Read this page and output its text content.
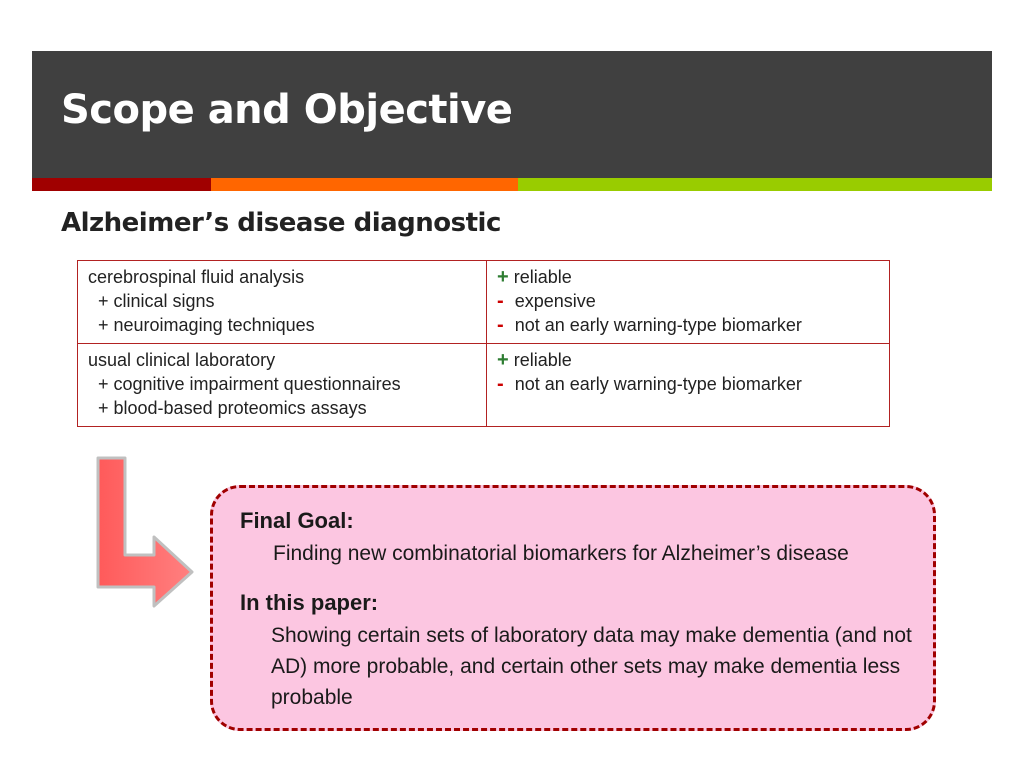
Scope and Objective
Alzheimer’s disease diagnostic
cerebrospinal fluid analysis
+ clinical signs
+ neuroimaging techniques	+ reliable
- expensive
- not an early warning-type biomarker

usual clinical laboratory
+ cognitive impairment questionnaires
+ blood-based proteomics assays	+ reliable
- not an early warning-type biomarker
Final Goal:
Finding new combinatorial biomarkers for Alzheimer’s disease
In this paper:
Showing certain sets of laboratory data may make dementia (and not AD) more probable, and certain other sets may make dementia less probable
